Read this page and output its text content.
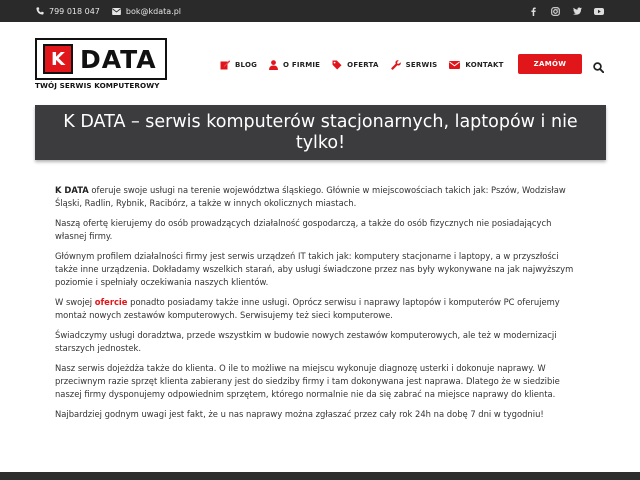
799 018 047	bok@kdata.pl
K DATA
TWÓJ SERWIS KOMPUTEROWY
BLOG	O FIRMIE	OFERTA	SERWIS	KONTAKT	ZAMÓW
K DATA – serwis komputerów stacjonarnych, laptopów i nie tylko!

K DATA oferuje swoje usługi na terenie województwa śląskiego. Głównie w miejscowościach takich jak: Pszów, Wodzisław
Śląski, Radlin, Rybnik, Racibórz, a także w innych okolicznych miastach.

Naszą ofertę kierujemy do osób prowadzących działalność gospodarczą, a także do osób fizycznych nie posiadających
własnej firmy.

Głównym profilem działalności firmy jest serwis urządzeń IT takich jak: komputery stacjonarne i laptopy, a w przyszłości
także inne urządzenia. Dokładamy wszelkich starań, aby usługi świadczone przez nas były wykonywane na jak najwyższym
poziomie i spełniały oczekiwania naszych klientów.

W swojej ofercie ponadto posiadamy także inne usługi. Oprócz serwisu i naprawy laptopów i komputerów PC oferujemy
montaż nowych zestawów komputerowych. Serwisujemy też sieci komputerowe.

Świadczymy usługi doradztwa, przede wszystkim w budowie nowych zestawów komputerowych, ale też w modernizacji
starszych jednostek.

Nasz serwis dojeżdża także do klienta. O ile to możliwe na miejscu wykonuje diagnozę usterki i dokonuje naprawy. W
przeciwnym razie sprzęt klienta zabierany jest do siedziby firmy i tam dokonywana jest naprawa. Dlatego że w siedzibie
naszej firmy dysponujemy odpowiednim sprzętem, którego normalnie nie da się zabrać na miejsce naprawy do klienta.

Najbardziej godnym uwagi jest fakt, że u nas naprawy można zgłaszać przez cały rok 24h na dobę 7 dni w tygodniu!
